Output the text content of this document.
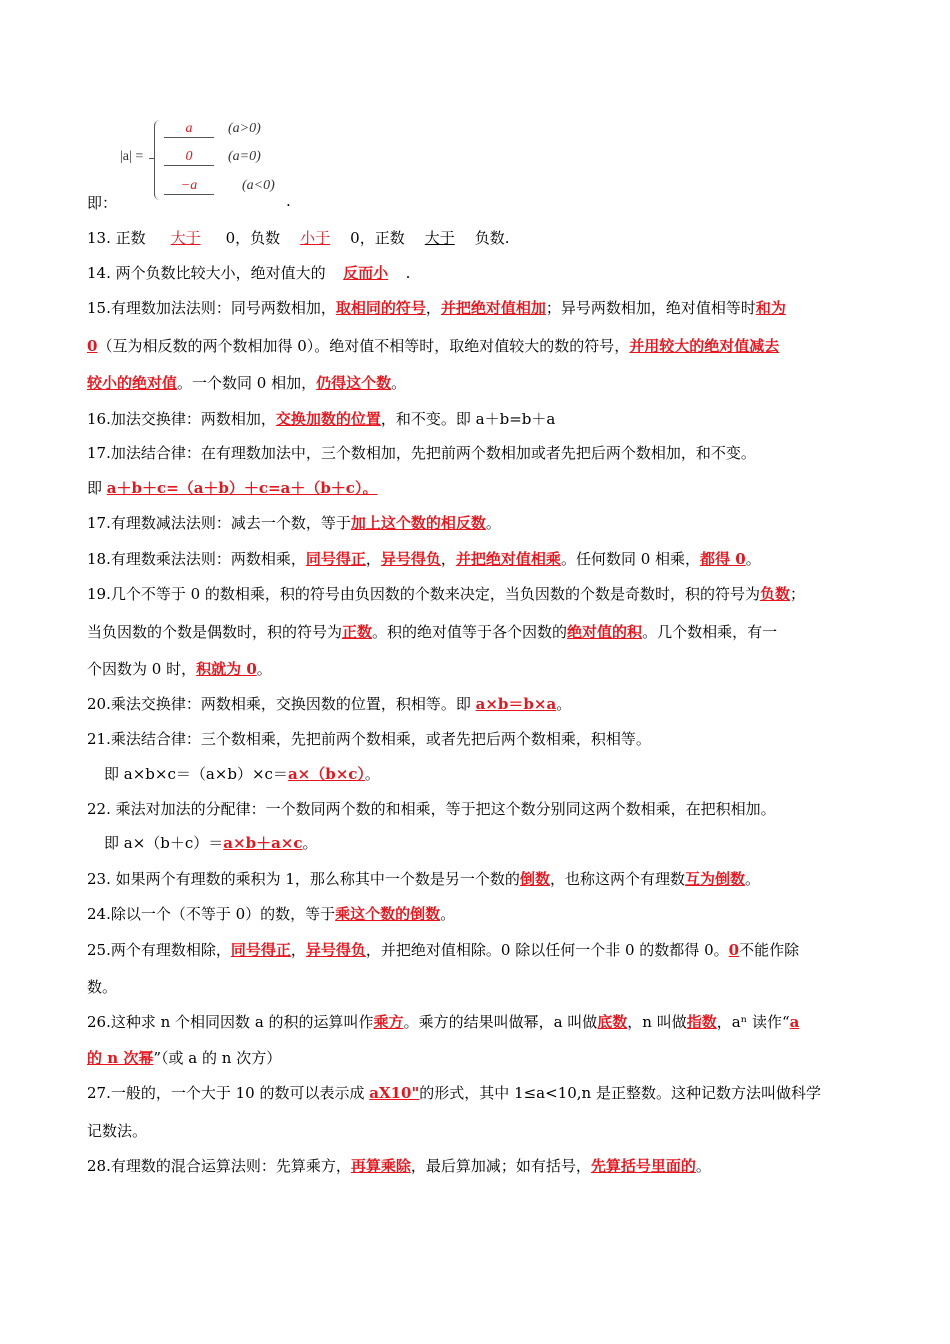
|a| =
a	(a>0)
0	(a=0)
−a	(a<0)
即：	.
13. 正数 大于 0，负数 小于 0，正数 大于 负数.
14. 两个负数比较大小，绝对值大的 反而小 .
15.有理数加法法则：同号两数相加，取相同的符号，并把绝对值相加；异号两数相加，绝对值相等时和为
0（互为相反数的两个数相加得 0）。绝对值不相等时，取绝对值较大的数的符号，并用较大的绝对值减去
较小的绝对值。一个数同 0 相加，仍得这个数。
16.加法交换律：两数相加，交换加数的位置，和不变。即 a＋b=b＋a
17.加法结合律：在有理数加法中，三个数相加，先把前两个数相加或者先把后两个数相加，和不变。
即 a＋b＋c=（a＋b）＋c=a＋（b＋c）。
17.有理数减法法则：减去一个数，等于加上这个数的相反数。
18.有理数乘法法则：两数相乘，同号得正，异号得负，并把绝对值相乘。任何数同 0 相乘，都得 0。
19.几个不等于 0 的数相乘，积的符号由负因数的个数来决定，当负因数的个数是奇数时，积的符号为负数；
当负因数的个数是偶数时，积的符号为正数。积的绝对值等于各个因数的绝对值的积。几个数相乘，有一
个因数为 0 时，积就为 0。
20.乘法交换律：两数相乘，交换因数的位置，积相等。即 a×b＝b×a。
21.乘法结合律：三个数相乘，先把前两个数相乘，或者先把后两个数相乘，积相等。
即 a×b×c＝（a×b）×c＝a×（b×c）。
22. 乘法对加法的分配律：一个数同两个数的和相乘，等于把这个数分别同这两个数相乘，在把积相加。
即 a×（b＋c）＝a×b＋a×c。
23. 如果两个有理数的乘积为 1，那么称其中一个数是另一个数的倒数，也称这两个有理数互为倒数。
24.除以一个（不等于 0）的数，等于乘这个数的倒数。
25.两个有理数相除，同号得正，异号得负，并把绝对值相除。0 除以任何一个非 0 的数都得 0。0不能作除
数。
26.这种求 n 个相同因数 a 的积的运算叫作乘方。乘方的结果叫做幂，a 叫做底数，n 叫做指数，aⁿ 读作“a
的 n 次幂”（或 a 的 n 次方）
27.一般的，一个大于 10 的数可以表示成 aX10"的形式，其中 1≤a<10,n 是正整数。这种记数方法叫做科学
记数法。
28.有理数的混合运算法则：先算乘方，再算乘除，最后算加减；如有括号，先算括号里面的。
